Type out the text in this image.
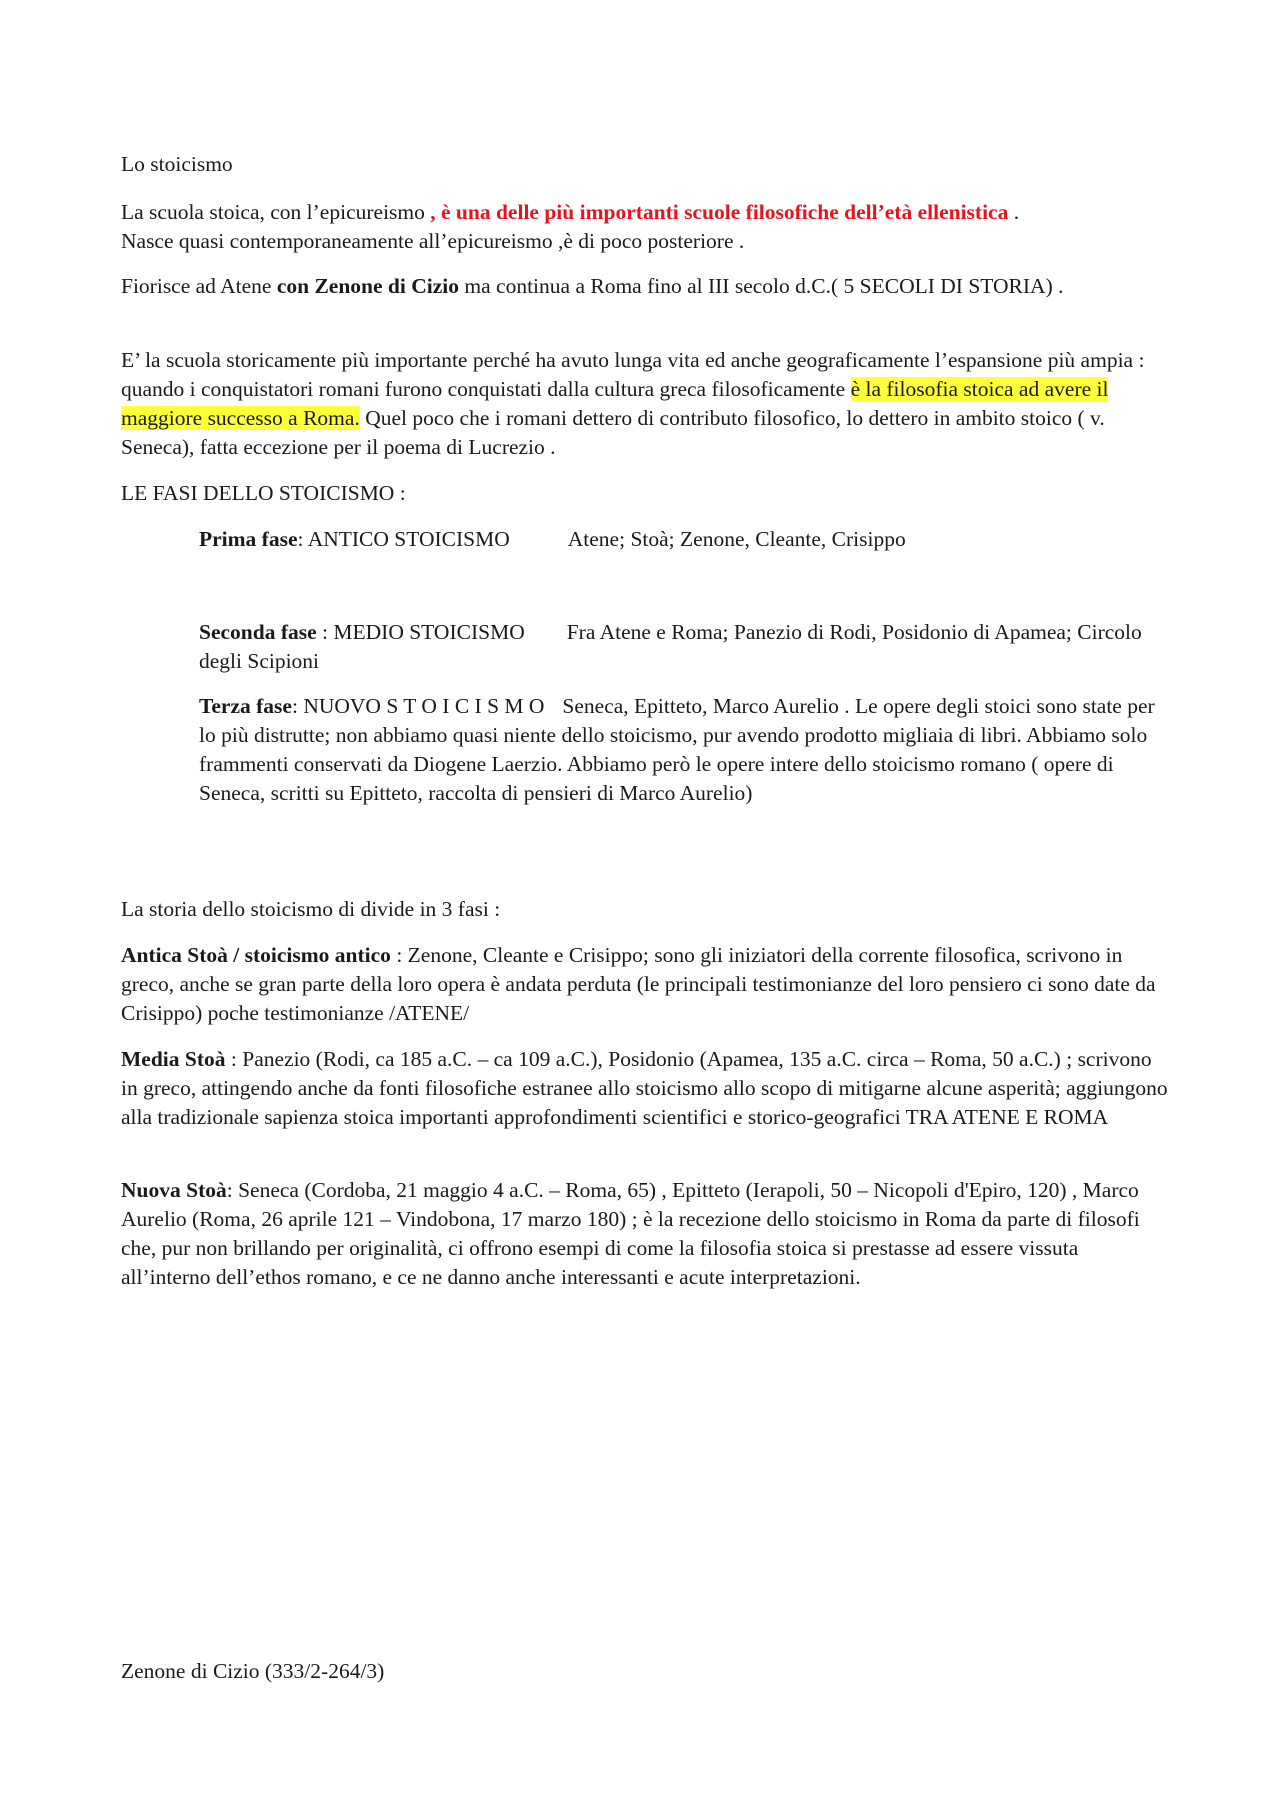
Lo stoicismo

La scuola stoica, con l’epicureismo , è una delle più importanti scuole filosofiche dell’età ellenistica .
Nasce quasi contemporaneamente all’epicureismo ,è di poco posteriore .

Fiorisce ad Atene con Zenone di Cizio ma continua a Roma fino al III secolo d.C.( 5 SECOLI DI STORIA) .

E’ la scuola storicamente più importante perché ha avuto lunga vita ed anche geograficamente l’espansione più ampia : quando i conquistatori romani furono conquistati dalla cultura greca filosoficamente è la filosofia stoica ad avere il maggiore successo a Roma. Quel poco che i romani dettero di contributo filosofico, lo dettero in ambito stoico ( v. Seneca), fatta eccezione per il poema di Lucrezio .

LE FASI DELLO STOICISMO :

Prima fase: ANTICO STOICISMO	Atene; Stoà; Zenone, Cleante, Crisippo

Seconda fase : MEDIO STOICISMO Fra Atene e Roma; Panezio di Rodi, Posidonio di Apamea; Circolo degli Scipioni

Terza fase: NUOVO S T O I C I S M O Seneca, Epitteto, Marco Aurelio . Le opere degli stoici sono state per lo più distrutte; non abbiamo quasi niente dello stoicismo, pur avendo prodotto migliaia di libri. Abbiamo solo frammenti conservati da Diogene Laerzio. Abbiamo però le opere intere dello stoicismo romano ( opere di Seneca, scritti su Epitteto, raccolta di pensieri di Marco Aurelio)

La storia dello stoicismo di divide in 3 fasi :

Antica Stoà / stoicismo antico : Zenone, Cleante e Crisippo; sono gli iniziatori della corrente filosofica, scrivono in greco, anche se gran parte della loro opera è andata perduta (le principali testimonianze del loro pensiero ci sono date da Crisippo) poche testimonianze /ATENE/

Media Stoà : Panezio (Rodi, ca 185 a.C. – ca 109 a.C.), Posidonio (Apamea, 135 a.C. circa – Roma, 50 a.C.) ; scrivono in greco, attingendo anche da fonti filosofiche estranee allo stoicismo allo scopo di mitigarne alcune asperità; aggiungono alla tradizionale sapienza stoica importanti approfondimenti scientifici e storico-geografici TRA ATENE E ROMA

Nuova Stoà: Seneca (Cordoba, 21 maggio 4 a.C. – Roma, 65) , Epitteto (Ierapoli, 50 – Nicopoli d'Epiro, 120) , Marco Aurelio (Roma, 26 aprile 121 – Vindobona, 17 marzo 180) ; è la recezione dello stoicismo in Roma da parte di filosofi che, pur non brillando per originalità, ci offrono esempi di come la filosofia stoica si prestasse ad essere vissuta all’interno dell’ethos romano, e ce ne danno anche interessanti e acute interpretazioni.

Zenone di Cizio (333/2-264/3)
